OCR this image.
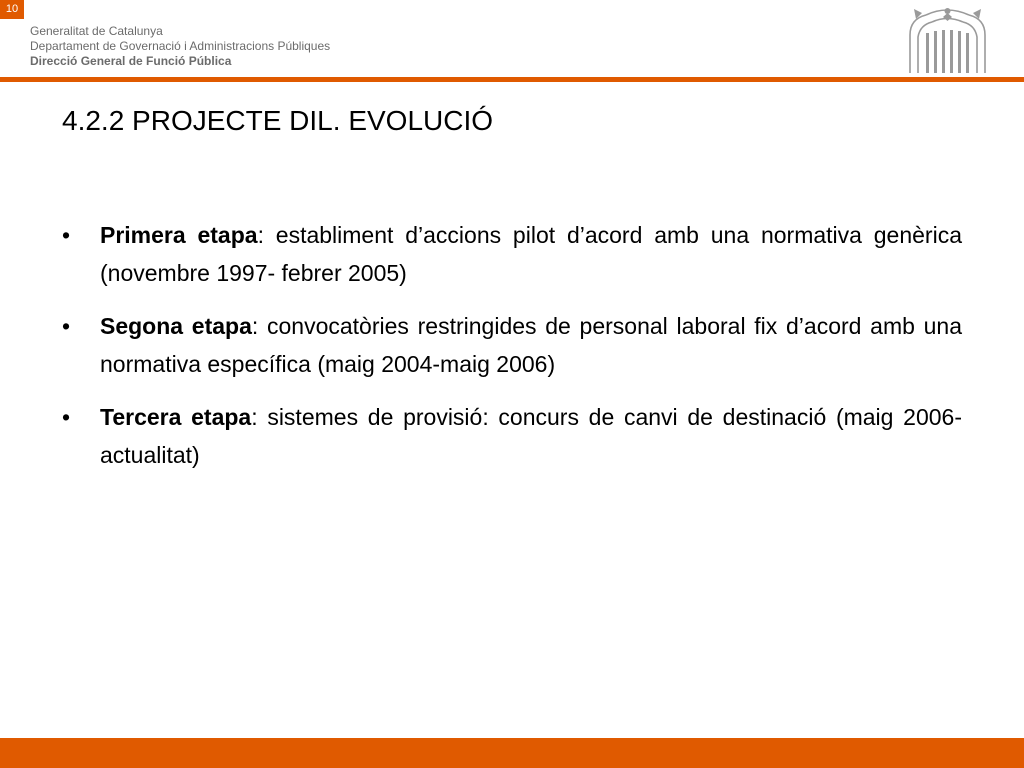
10
Generalitat de Catalunya
Departament de Governació i Administracions Públiques
Direcció General de Funció Pública
4.2.2 PROJECTE DIL. EVOLUCIÓ
• Primera etapa: establiment d’accions pilot d’acord amb una normativa genèrica (novembre 1997- febrer 2005)
• Segona etapa: convocatòries restringides de personal laboral fix d’acord amb una normativa específica (maig 2004-maig 2006)
• Tercera etapa: sistemes de provisió: concurs de canvi de destinació (maig 2006-actualitat)
